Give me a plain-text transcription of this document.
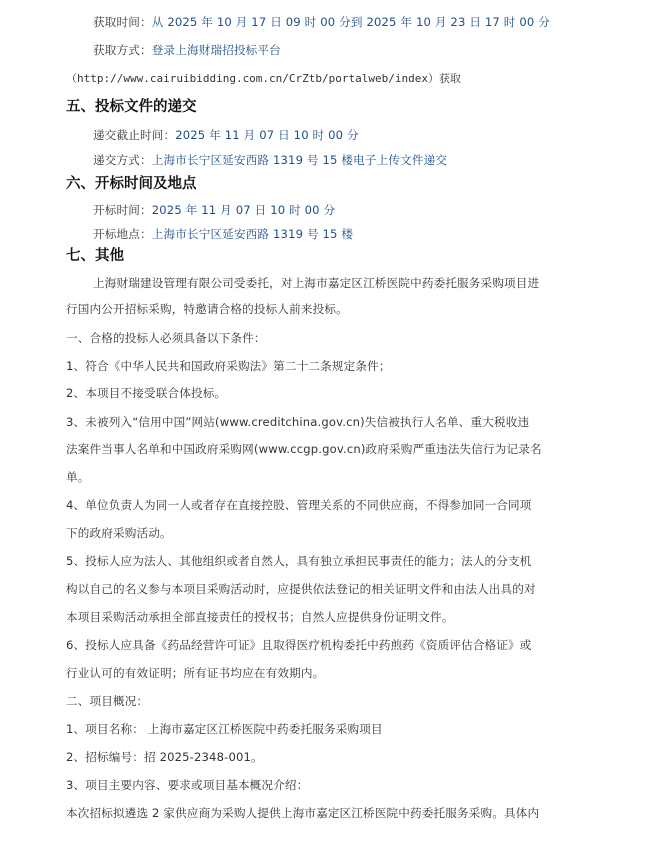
获取时间：从 2025 年 10 月 17 日 09 时 00 分到 2025 年 10 月 23 日 17 时 00 分
获取方式：登录上海财瑞招投标平台
（http://www.cairuibidding.com.cn/CrZtb/portalweb/index）获取
五、投标文件的递交
递交截止时间：2025 年 11 月 07 日 10 时 00 分
递交方式：上海市长宁区延安西路 1319 号 15 楼电子上传文件递交
六、开标时间及地点
开标时间：2025 年 11 月 07 日 10 时 00 分
开标地点：上海市长宁区延安西路 1319 号 15 楼
七、其他
上海财瑞建设管理有限公司受委托，对上海市嘉定区江桥医院中药委托服务采购项目进
行国内公开招标采购，特邀请合格的投标人前来投标。
一、合格的投标人必须具备以下条件：
1、符合《中华人民共和国政府采购法》第二十二条规定条件；
2、本项目不接受联合体投标。
3、未被列入“信用中国”网站(www.creditchina.gov.cn)失信被执行人名单、重大税收违
法案件当事人名单和中国政府采购网(www.ccgp.gov.cn)政府采购严重违法失信行为记录名
单。
4、单位负责人为同一人或者存在直接控股、管理关系的不同供应商，不得参加同一合同项
下的政府采购活动。
5、投标人应为法人、其他组织或者自然人，具有独立承担民事责任的能力；法人的分支机
构以自己的名义参与本项目采购活动时，应提供依法登记的相关证明文件和由法人出具的对
本项目采购活动承担全部直接责任的授权书；自然人应提供身份证明文件。
6、投标人应具备《药品经营许可证》且取得医疗机构委托中药煎药《资质评估合格证》或
行业认可的有效证明；所有证书均应在有效期内。
二、项目概况：
1、项目名称： 上海市嘉定区江桥医院中药委托服务采购项目
2、招标编号：招 2025-2348-001。
3、项目主要内容、要求或项目基本概况介绍：
本次招标拟遴选 2 家供应商为采购人提供上海市嘉定区江桥医院中药委托服务采购。具体内
